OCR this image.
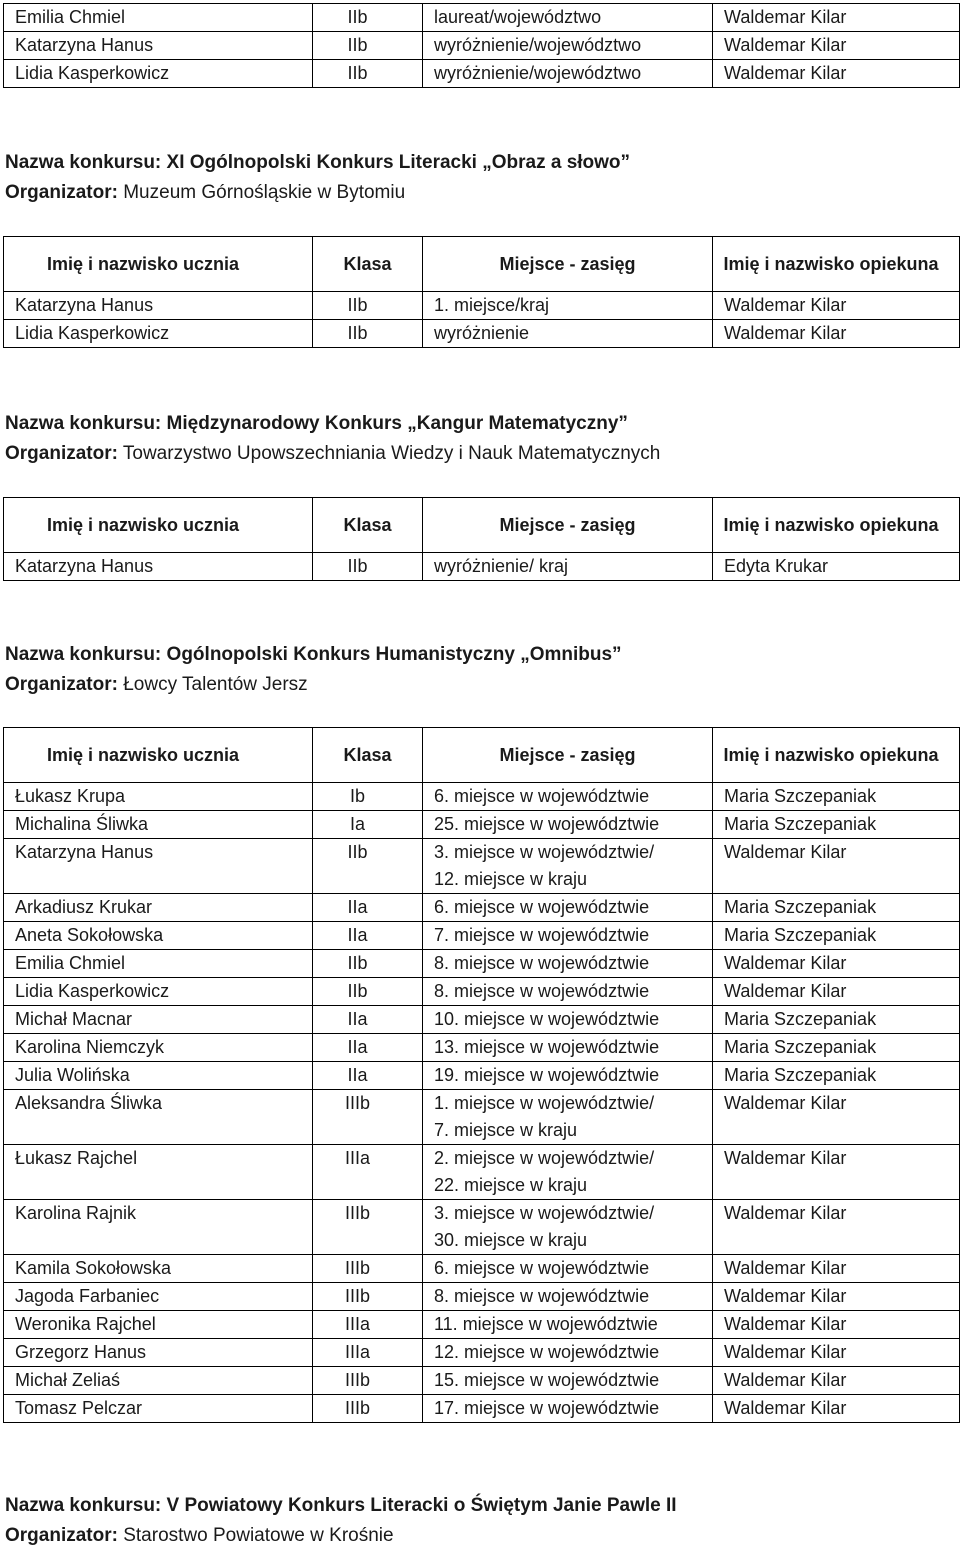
Emilia Chmiel	IIb	laureat/województwo	Waldemar Kilar
Katarzyna Hanus	IIb	wyróżnienie/województwo	Waldemar Kilar
Lidia Kasperkowicz	IIb	wyróżnienie/województwo	Waldemar Kilar
Nazwa konkursu: XI Ogólnopolski Konkurs Literacki „Obraz a słowo”
Organizator: Muzeum Górnośląskie w Bytomiu
Imię i nazwisko ucznia	Klasa	Miejsce - zasięg	Imię i nazwisko opiekuna
Katarzyna Hanus	IIb	1. miejsce/kraj	Waldemar Kilar
Lidia Kasperkowicz	IIb	wyróżnienie	Waldemar Kilar
Nazwa konkursu: Międzynarodowy Konkurs „Kangur Matematyczny”
Organizator: Towarzystwo Upowszechniania Wiedzy i Nauk Matematycznych
Imię i nazwisko ucznia	Klasa	Miejsce - zasięg	Imię i nazwisko opiekuna
Katarzyna Hanus	IIb	wyróżnienie/ kraj	Edyta Krukar
Nazwa konkursu: Ogólnopolski Konkurs Humanistyczny „Omnibus”
Organizator: Łowcy Talentów Jersz
Imię i nazwisko ucznia	Klasa	Miejsce - zasięg	Imię i nazwisko opiekuna
Łukasz Krupa	Ib	6. miejsce w województwie	Maria Szczepaniak
Michalina Śliwka	Ia	25. miejsce w województwie	Maria Szczepaniak
Katarzyna Hanus	IIb	3. miejsce w województwie/
12. miejsce w kraju	Waldemar Kilar
Arkadiusz Krukar	IIa	6. miejsce w województwie	Maria Szczepaniak
Aneta Sokołowska	IIa	7. miejsce w województwie	Maria Szczepaniak
Emilia Chmiel	IIb	8. miejsce w województwie	Waldemar Kilar
Lidia Kasperkowicz	IIb	8. miejsce w województwie	Waldemar Kilar
Michał Macnar	IIa	10. miejsce w województwie	Maria Szczepaniak
Karolina Niemczyk	IIa	13. miejsce w województwie	Maria Szczepaniak
Julia Wolińska	IIa	19. miejsce w województwie	Maria Szczepaniak
Aleksandra Śliwka	IIIb	1. miejsce w województwie/
7. miejsce w kraju	Waldemar Kilar
Łukasz Rajchel	IIIa	2. miejsce w województwie/
22. miejsce w kraju	Waldemar Kilar
Karolina Rajnik	IIIb	3. miejsce w województwie/
30. miejsce w kraju	Waldemar Kilar
Kamila Sokołowska	IIIb	6. miejsce w województwie	Waldemar Kilar
Jagoda Farbaniec	IIIb	8. miejsce w województwie	Waldemar Kilar
Weronika Rajchel	IIIa	11. miejsce w województwie	Waldemar Kilar
Grzegorz Hanus	IIIa	12. miejsce w województwie	Waldemar Kilar
Michał Zeliaś	IIIb	15. miejsce w województwie	Waldemar Kilar
Tomasz Pelczar	IIIb	17. miejsce w województwie	Waldemar Kilar
Nazwa konkursu: V Powiatowy Konkurs Literacki o Świętym Janie Pawle II
Organizator: Starostwo Powiatowe w Krośnie
